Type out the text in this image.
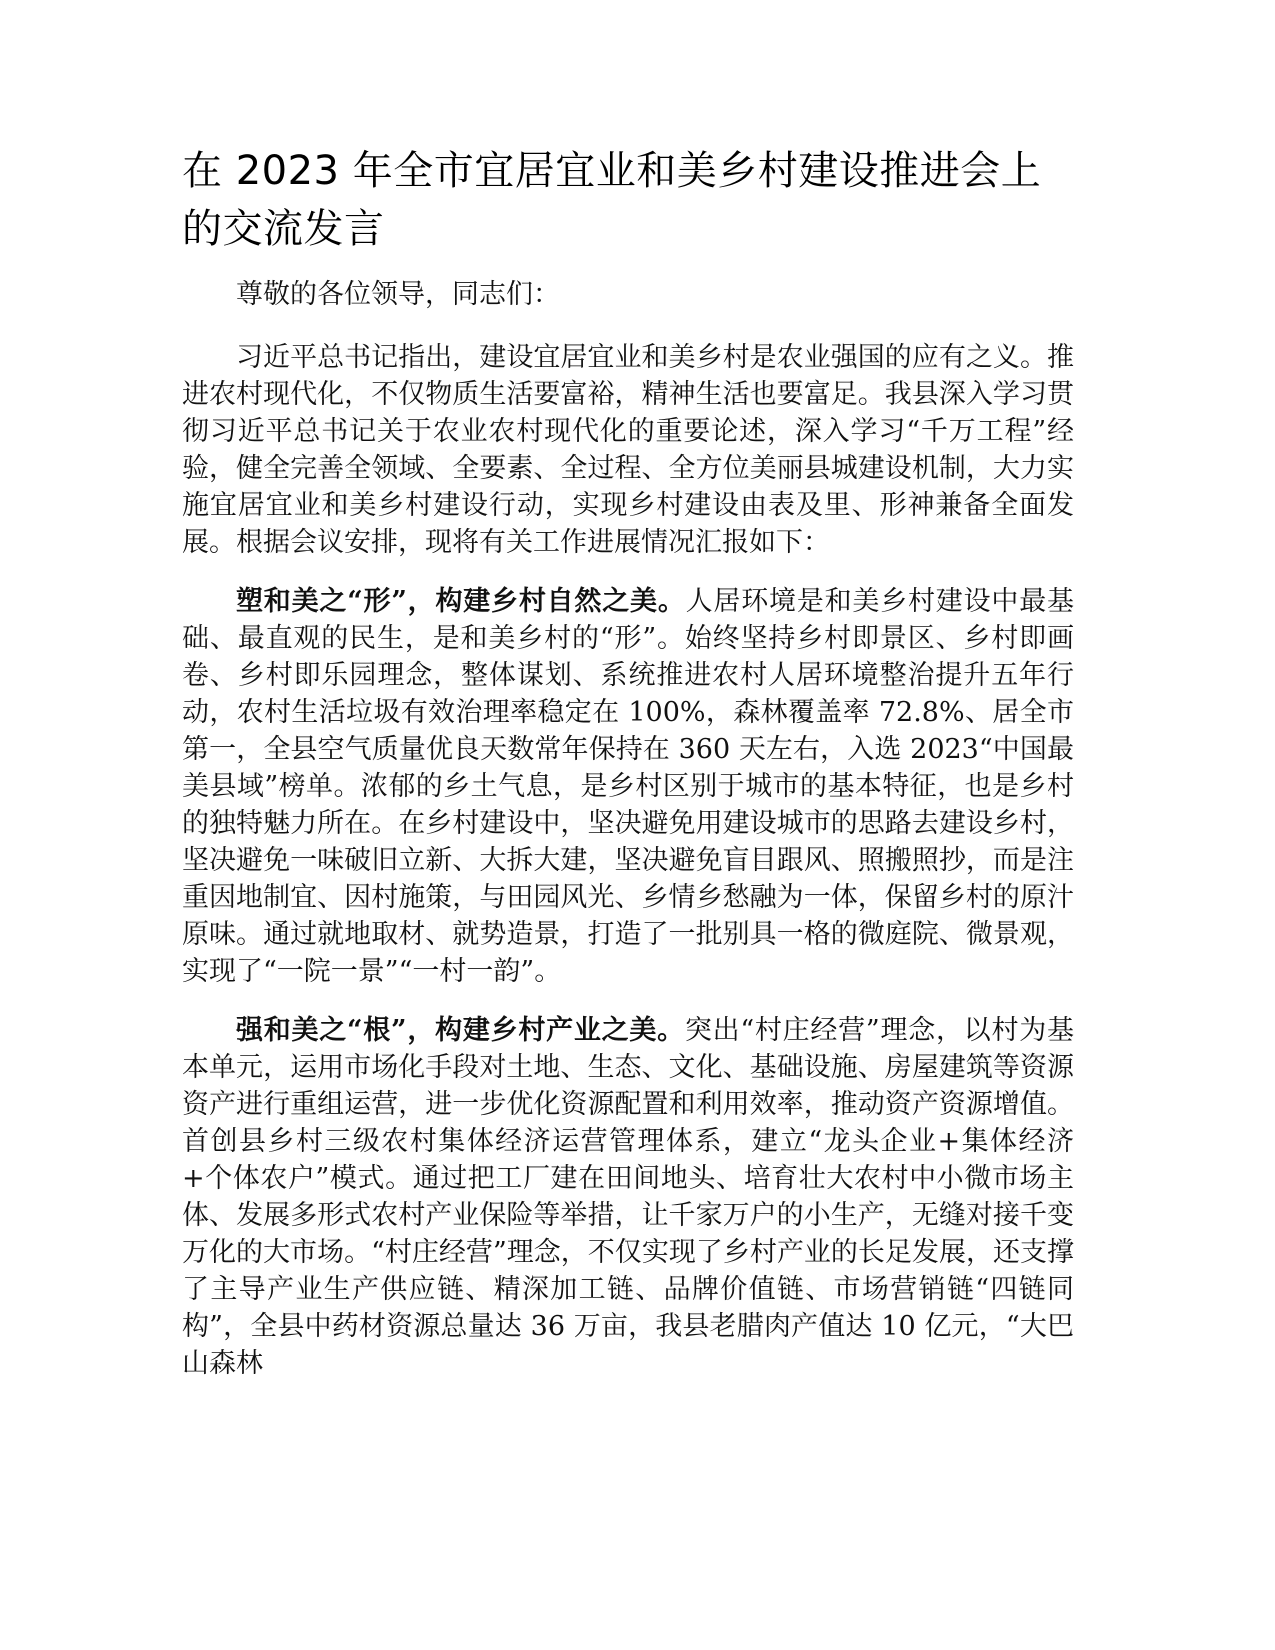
在 2023 年全市宜居宜业和美乡村建设推进会上的交流发言

尊敬的各位领导，同志们：

习近平总书记指出，建设宜居宜业和美乡村是农业强国的应有之义。推进农村现代化，不仅物质生活要富裕，精神生活也要富足。我县深入学习贯彻习近平总书记关于农业农村现代化的重要论述，深入学习“千万工程”经验，健全完善全领域、全要素、全过程、全方位美丽县城建设机制，大力实施宜居宜业和美乡村建设行动，实现乡村建设由表及里、形神兼备全面发展。根据会议安排，现将有关工作进展情况汇报如下：

塑和美之“形”，构建乡村自然之美。人居环境是和美乡村建设中最基础、最直观的民生，是和美乡村的“形”。始终坚持乡村即景区、乡村即画卷、乡村即乐园理念，整体谋划、系统推进农村人居环境整治提升五年行动，农村生活垃圾有效治理率稳定在 100%，森林覆盖率 72.8%、居全市第一，全县空气质量优良天数常年保持在 360 天左右，入选 2023“中国最美县域”榜单。浓郁的乡土气息，是乡村区别于城市的基本特征，也是乡村的独特魅力所在。在乡村建设中，坚决避免用建设城市的思路去建设乡村，坚决避免一味破旧立新、大拆大建，坚决避免盲目跟风、照搬照抄，而是注重因地制宜、因村施策，与田园风光、乡情乡愁融为一体，保留乡村的原汁原味。通过就地取材、就势造景，打造了一批别具一格的微庭院、微景观，实现了“一院一景”“一村一韵”。

强和美之“根”，构建乡村产业之美。突出“村庄经营”理念，以村为基本单元，运用市场化手段对土地、生态、文化、基础设施、房屋建筑等资源资产进行重组运营，进一步优化资源配置和利用效率，推动资产资源增值。首创县乡村三级农村集体经济运营管理体系，建立“龙头企业+集体经济+个体农户”模式。通过把工厂建在田间地头、培育壮大农村中小微市场主体、发展多形式农村产业保险等举措，让千家万户的小生产，无缝对接千变万化的大市场。“村庄经营”理念，不仅实现了乡村产业的长足发展，还支撑了主导产业生产供应链、精深加工链、品牌价值链、市场营销链“四链同构”，全县中药材资源总量达 36 万亩，我县老腊肉产值达 10 亿元，“大巴山森林
